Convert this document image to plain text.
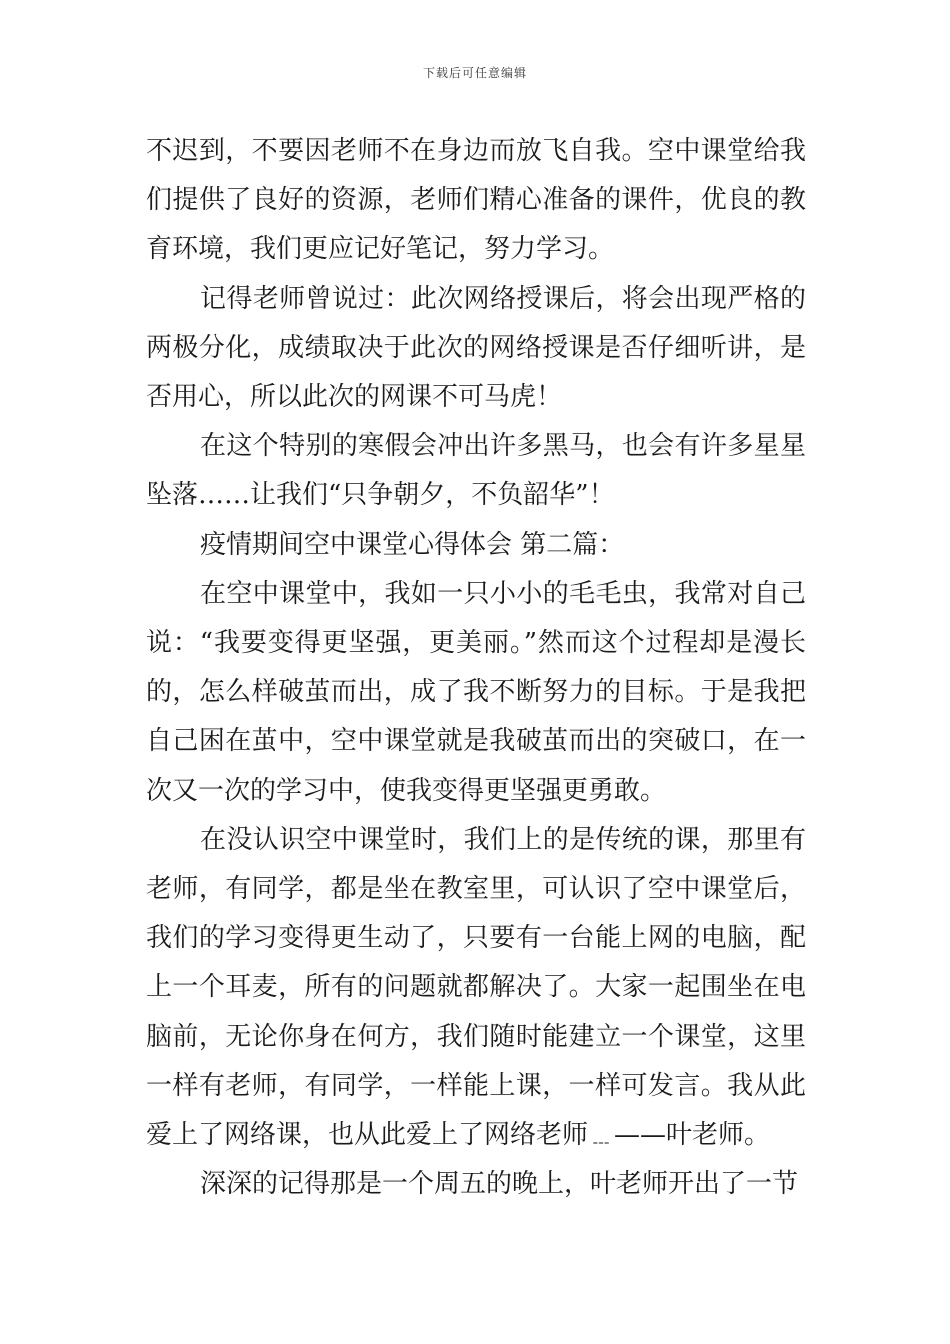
下载后可任意编辑

不迟到，不要因老师不在身边而放飞自我。空中课堂给我们提供了良好的资源，老师们精心准备的课件，优良的教育环境，我们更应记好笔记，努力学习。

记得老师曾说过：此次网络授课后，将会出现严格的两极分化，成绩取决于此次的网络授课是否仔细听讲，是否用心，所以此次的网课不可马虎！

在这个特别的寒假会冲出许多黑马，也会有许多星星坠落……让我们“只争朝夕，不负韶华”！

疫情期间空中课堂心得体会 第二篇：

在空中课堂中，我如一只小小的毛毛虫，我常对自己说：“我要变得更坚强，更美丽。”然而这个过程却是漫长的，怎么样破茧而出，成了我不断努力的目标。于是我把自己困在茧中，空中课堂就是我破茧而出的突破口，在一次又一次的学习中，使我变得更坚强更勇敢。

在没认识空中课堂时，我们上的是传统的课，那里有老师，有同学，都是坐在教室里，可认识了空中课堂后，我们的学习变得更生动了，只要有一台能上网的电脑，配上一个耳麦，所有的问题就都解决了。大家一起围坐在电脑前，无论你身在何方，我们随时能建立一个课堂，这里一样有老师，有同学，一样能上课，一样可发言。我从此爱上了网络课，也从此爱上了网络老师﹍——叶老师。

深深的记得那是一个周五的晚上，叶老师开出了一节
